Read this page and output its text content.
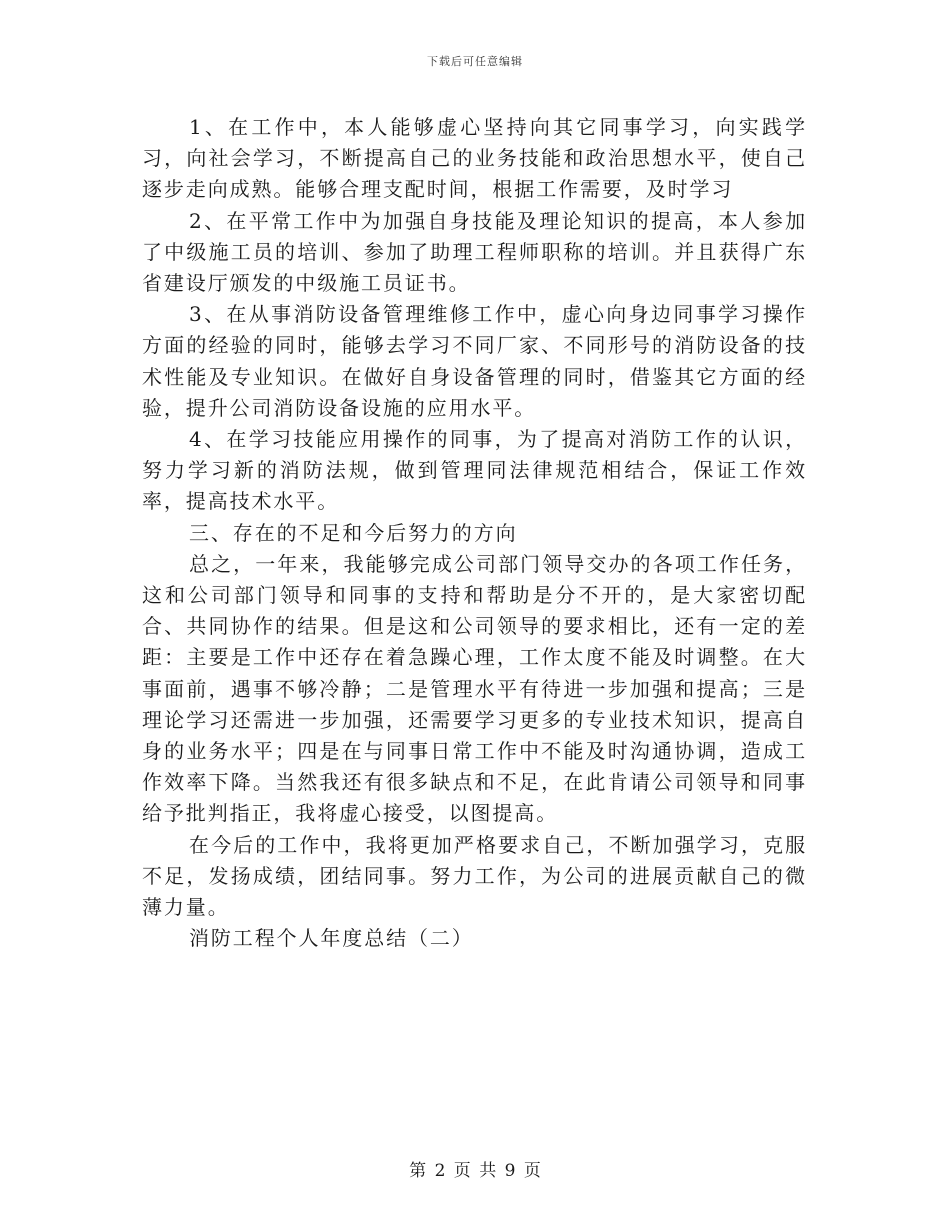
下载后可任意编辑

1、在工作中，本人能够虚心坚持向其它同事学习，向实践学习，向社会学习，不断提高自己的业务技能和政治思想水平，使自己逐步走向成熟。能够合理支配时间，根据工作需要，及时学习

2、在平常工作中为加强自身技能及理论知识的提高，本人参加了中级施工员的培训、参加了助理工程师职称的培训。并且获得广东省建设厅颁发的中级施工员证书。

3、在从事消防设备管理维修工作中，虚心向身边同事学习操作方面的经验的同时，能够去学习不同厂家、不同形号的消防设备的技术性能及专业知识。在做好自身设备管理的同时，借鉴其它方面的经验，提升公司消防设备设施的应用水平。

4、在学习技能应用操作的同事，为了提高对消防工作的认识，努力学习新的消防法规，做到管理同法律规范相结合，保证工作效率，提高技术水平。

三、存在的不足和今后努力的方向

总之，一年来，我能够完成公司部门领导交办的各项工作任务，这和公司部门领导和同事的支持和帮助是分不开的，是大家密切配合、共同协作的结果。但是这和公司领导的要求相比，还有一定的差距：主要是工作中还存在着急躁心理，工作太度不能及时调整。在大事面前，遇事不够冷静；二是管理水平有待进一步加强和提高；三是理论学习还需进一步加强，还需要学习更多的专业技术知识，提高自身的业务水平；四是在与同事日常工作中不能及时沟通协调，造成工作效率下降。当然我还有很多缺点和不足，在此肯请公司领导和同事给予批判指正，我将虚心接受，以图提高。

在今后的工作中，我将更加严格要求自己，不断加强学习，克服不足，发扬成绩，团结同事。努力工作，为公司的进展贡献自己的微薄力量。

消防工程个人年度总结（二）

第 2 页 共 9 页
